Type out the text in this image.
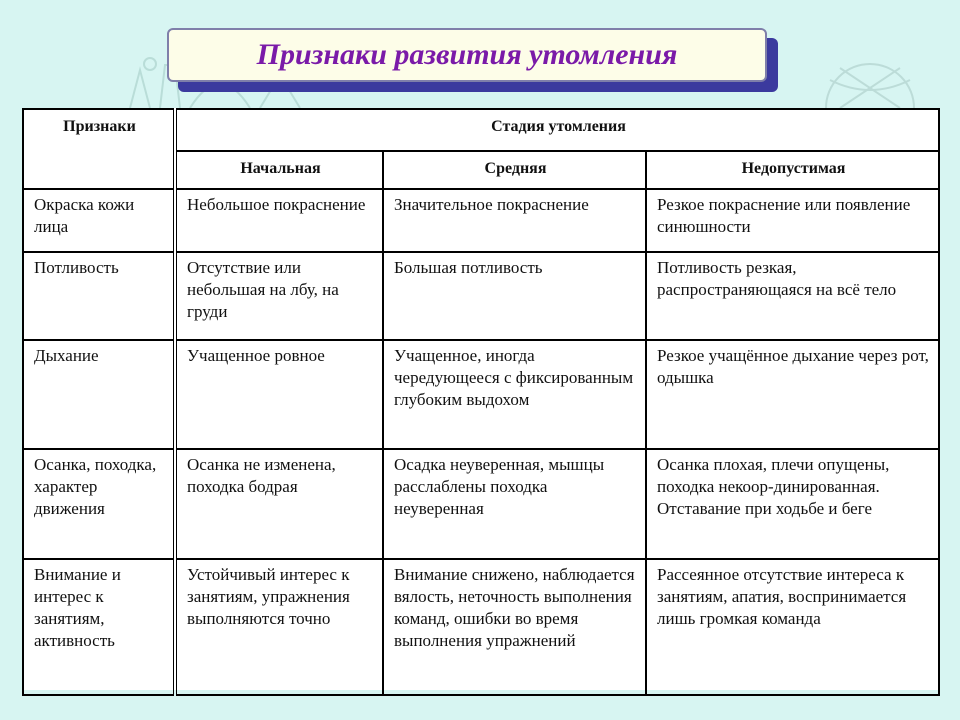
Признаки развития утомления
Признаки	Стадия утомления		
	Начальная	Средняя	Недопустимая
Окраска кожи лица	Небольшое покраснение	Значительное покраснение	Резкое покраснение или появление синюшности
Потливость	Отсутствие или небольшая на лбу, на груди	Большая потливость	Потливость резкая, распространяющаяся на всё тело
Дыхание	Учащенное ровное	Учащенное, иногда чередующееся с фиксированным глубоким выдохом	Резкое учащённое дыхание через рот, одышка
Осанка, походка, характер движения	Осанка не изменена, походка бодрая	Осадка неуверенная, мышцы расслаблены походка неуверенная	Осанка плохая, плечи опущены, походка некоор-динированная. Отставание при ходьбе и беге
Внимание и интерес к занятиям, активность	Устойчивый интерес к занятиям, упражнения выполняются точно	Внимание снижено, наблюдается вялость, неточность выполнения команд, ошибки во время выполнения упражнений	Рассеянное отсутствие интереса к занятиям, апатия, воспринимается лишь громкая команда
